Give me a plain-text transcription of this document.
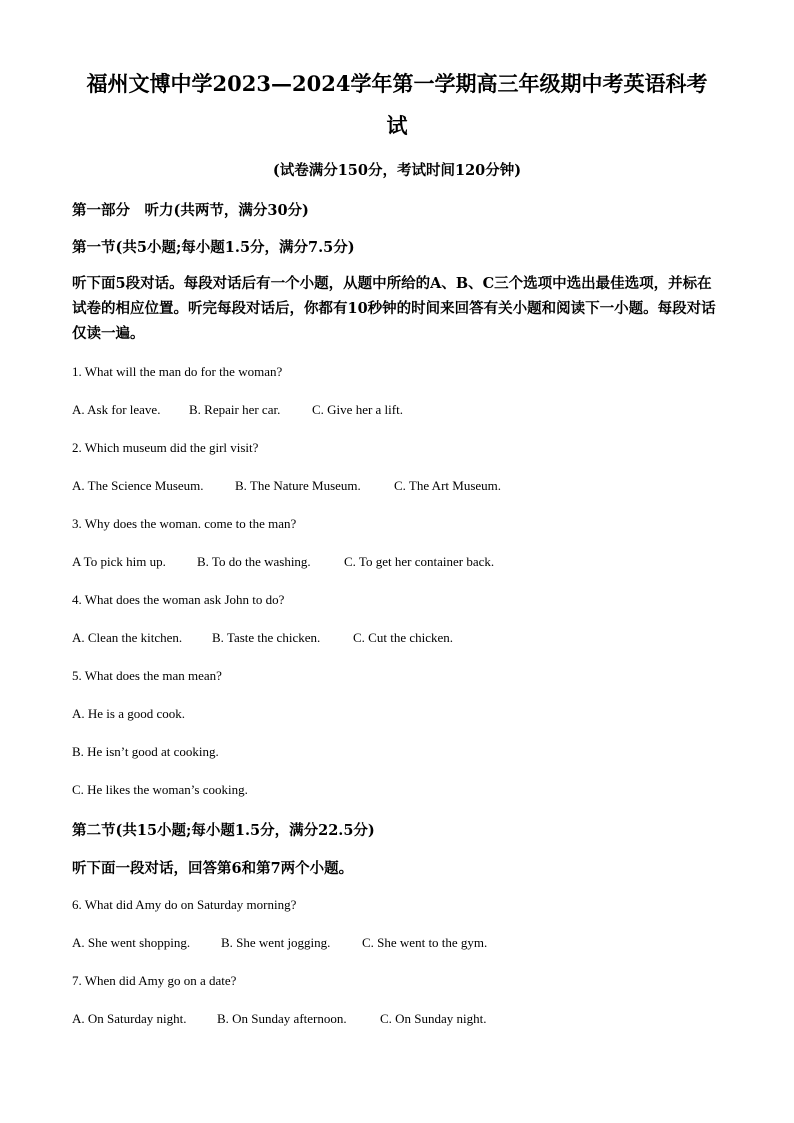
福州文博中学2023—2024学年第一学期高三年级期中考英语科考
试
(试卷满分150分，考试时间120分钟)
第一部分　听力(共两节，满分30分)
第一节(共5小题;每小题1.5分，满分7.5分)
听下面5段对话。每段对话后有一个小题，从题中所给的A、B、C三个选项中选出最佳选项，并标在试卷的相应位置。听完每段对话后，你都有10秒钟的时间来回答有关小题和阅读下一小题。每段对话仅读一遍。
1. What will the man do for the woman?
A. Ask for leave. B. Repair her car. C. Give her a lift.
2. Which museum did the girl visit?
A. The Science Museum. B. The Nature Museum.	C. The Art Museum.
3. Why does the woman. come to the man?
A To pick him up. B. To do the washing.	C. To get her container back.
4. What does the woman ask John to do?
A. Clean the kitchen. B. Taste the chicken.	C. Cut the chicken.
5. What does the man mean?
A. He is a good cook.
B. He isn’t good at cooking.
C. He likes the woman’s cooking.
第二节(共15小题;每小题1.5分，满分22.5分)
听下面一段对话，回答第6和第7两个小题。
6. What did Amy do on Saturday morning?
A. She went shopping. B. She went jogging. C. She went to the gym.
7. When did Amy go on a date?
A. On Saturday night. B. On Sunday afternoon.	C. On Sunday night.
